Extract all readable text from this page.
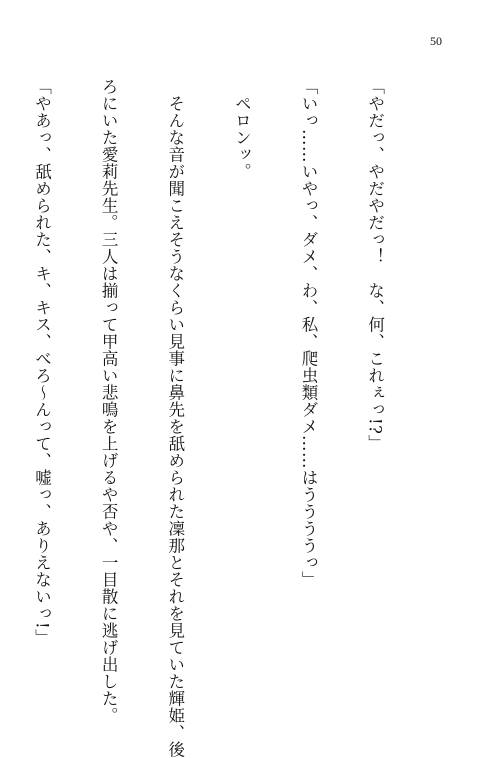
50

「やだっ、やだやだっ！　な、何、これぇっ!?」

「いっ……いやっ、ダメ、わ、私、爬虫類ダメ……はううううっ」

　ペロンッ。

　そんな音が聞こえそうなくらい見事に鼻先を舐められた凜那とそれを見ていた輝姫、後

ろにいた愛莉先生。三人は揃って甲高い悲鳴を上げるや否や、一目散に逃げ出した。

「やあっ、舐められた、キ、キス、べろ～んって、嘘っ、ありえないっ!」
